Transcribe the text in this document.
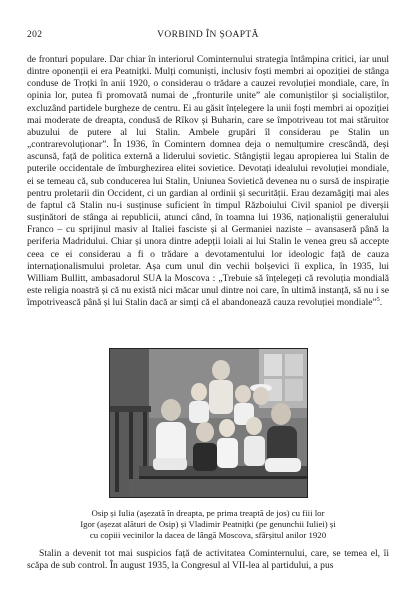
202	VORBIND ÎN ȘOAPTĂ

de fronturi populare. Dar chiar în interiorul Cominternului strategia întâmpina critici, iar unul dintre oponenții ei era Peatnițki. Mulți comuniști, inclusiv foști membri ai opoziției de stânga conduse de Troțki în anii 1920, o considerau o trădare a cauzei revoluției mondiale, care, în opinia lor, putea fi promovată numai de „fronturile unite” ale comuniștilor și socialiștilor, excluzând partidele burgheze de centru. Ei au găsit înțelegere la unii foști membri ai opoziției mai moderate de dreapta, condusă de Rîkov și Buharin, care se împotriveau tot mai stăruitor abuzului de putere al lui Stalin. Ambele grupări îl considerau pe Stalin un „contrarevoluționar”. În 1936, în Comintern domnea deja o nemulțumire crescândă, deși ascunsă, față de politica externă a liderului sovietic. Stângiștii legau apropierea lui Stalin de puterile occidentale de îmburghezirea elitei sovietice. Devotați idealului revoluției mondiale, ei se temeau că, sub conducerea lui Stalin, Uniunea Sovietică devenea nu o sursă de inspirație pentru proletarii din Occident, ci un gardian al ordinii și securității. Erau dezamăgiți mai ales de faptul că Stalin nu-i susținuse suficient în timpul Războiului Civil spaniol pe diverșii susținători de stânga ai republicii, atunci când, în toamna lui 1936, naționaliștii generalului Franco – cu sprijinul masiv al Italiei fasciste și al Germaniei naziste – avansaseră până la periferia Madridului. Chiar și unora dintre adepții loiali ai lui Stalin le venea greu să accepte ceea ce ei considerau a fi o trădare a devotamentului lor ideologic față de cauza internaționalismului proletar. Așa cum unul din vechii bolșevici îi explica, în 1935, lui William Bullitt, ambasadorul SUA la Moscova : „Trebuie să înțelegeți că revoluția mondială este religia noastră și că nu există nici măcar unul dintre noi care, în ultimă instanță, să nu i se împotrivească până și lui Stalin dacă ar simți că el abandonează cauza revoluției mondiale”$^5$.

Osip și Iulia (așezată în dreapta, pe prima treaptă de jos) cu fiii lor
Igor (așezat alături de Osip) și Vladimir Peatnițki (pe genunchii Iuliei) și
cu copiii vecinilor la dacea de lângă Moscova, sfârșitul anilor 1920

Stalin a devenit tot mai suspicios față de activitatea Cominternului, care, se temea el, îi scăpa de sub control. În august 1935, la Congresul al VII-lea al partidului, a pus
